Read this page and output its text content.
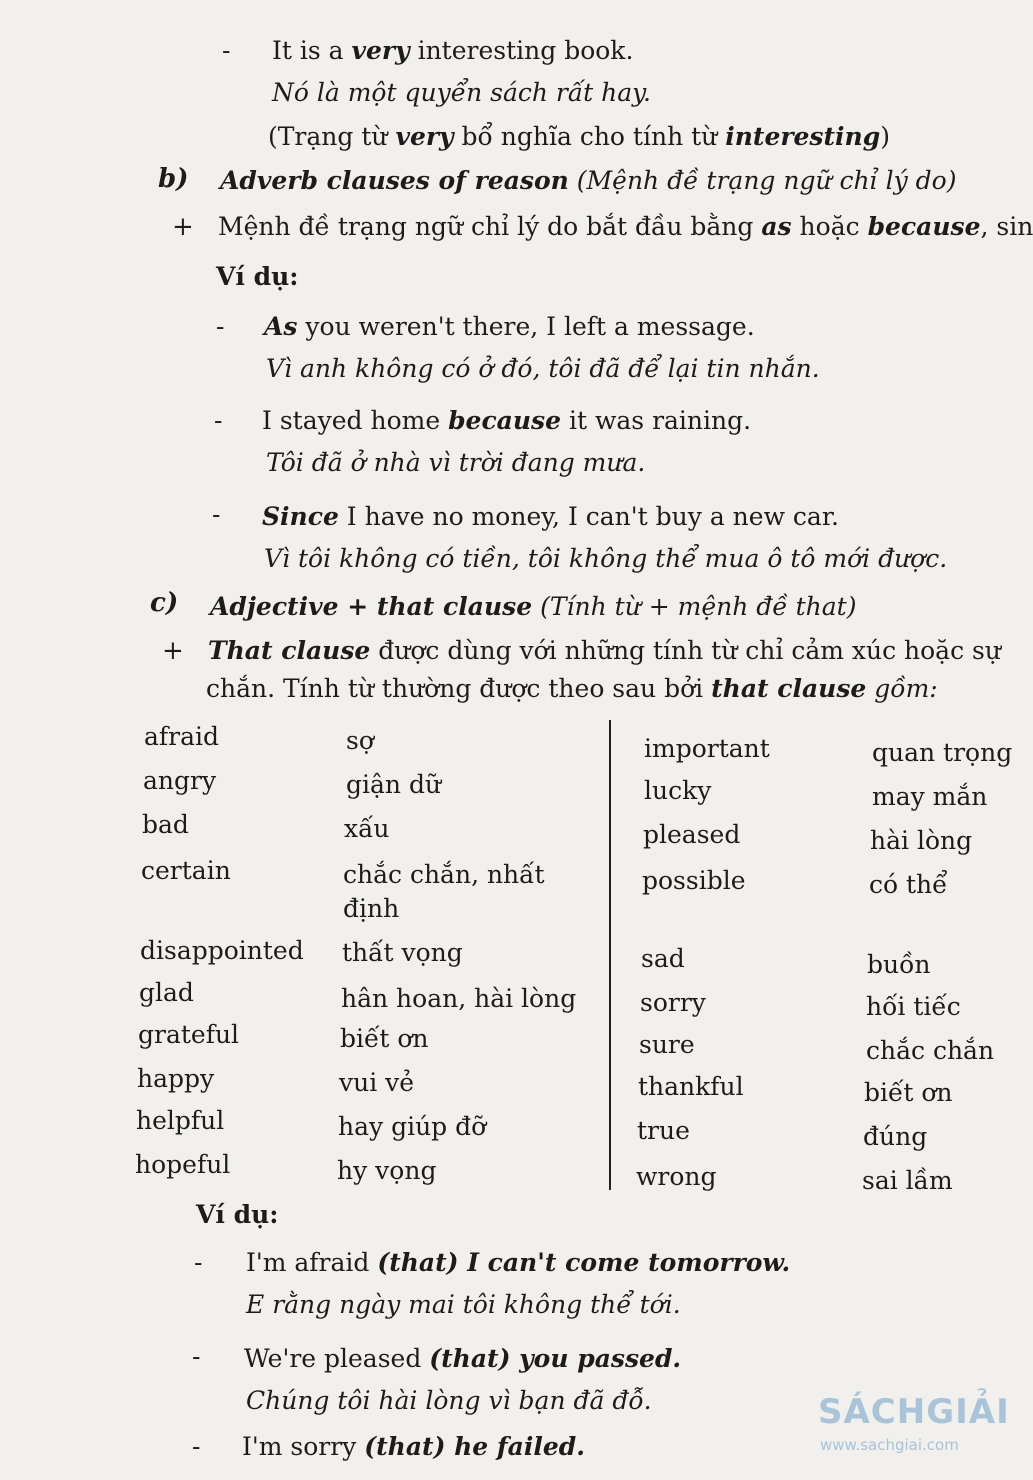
- It is a very interesting book.
Nó là một quyển sách rất hay.
(Trạng từ very bổ nghĩa cho tính từ interesting)
b) Adverb clauses of reason (Mệnh đề trạng ngữ chỉ lý do)
+ Mệnh đề trạng ngữ chỉ lý do bắt đầu bằng as hoặc because, sin
Ví dụ:
- As you weren't there, I left a message.
Vì anh không có ở đó, tôi đã để lại tin nhắn.
- I stayed home because it was raining.
Tôi đã ở nhà vì trời đang mưa.
- Since I have no money, I can't buy a new car.
Vì tôi không có tiền, tôi không thể mua ô tô mới được.
c) Adjective + that clause (Tính từ + mệnh đề that)
+ That clause được dùng với những tính từ chỉ cảm xúc hoặc sự
chắn. Tính từ thường được theo sau bởi that clause gồm:
afraid	sợ
angry	giận dữ
bad	xấu
certain	chắc chắn, nhất
định
disappointed thất vọng
glad	hân hoan, hài lòng
grateful	biết ơn
happy	vui vẻ
helpful	hay giúp đỡ
hopeful	hy vọng
important	quan trọng
lucky	may mắn
pleased	hài lòng
possible	có thể
sad	buồn
sorry	hối tiếc
sure	chắc chắn
thankful	biết ơn
true	đúng
wrong	sai lầm
Ví dụ:
- I'm afraid (that) I can't come tomorrow.
E rằng ngày mai tôi không thể tới.
- We're pleased (that) you passed.
Chúng tôi hài lòng vì bạn đã đỗ.
- I'm sorry (that) he failed.
SÁCHGIẢI
www.sachgiai.com
